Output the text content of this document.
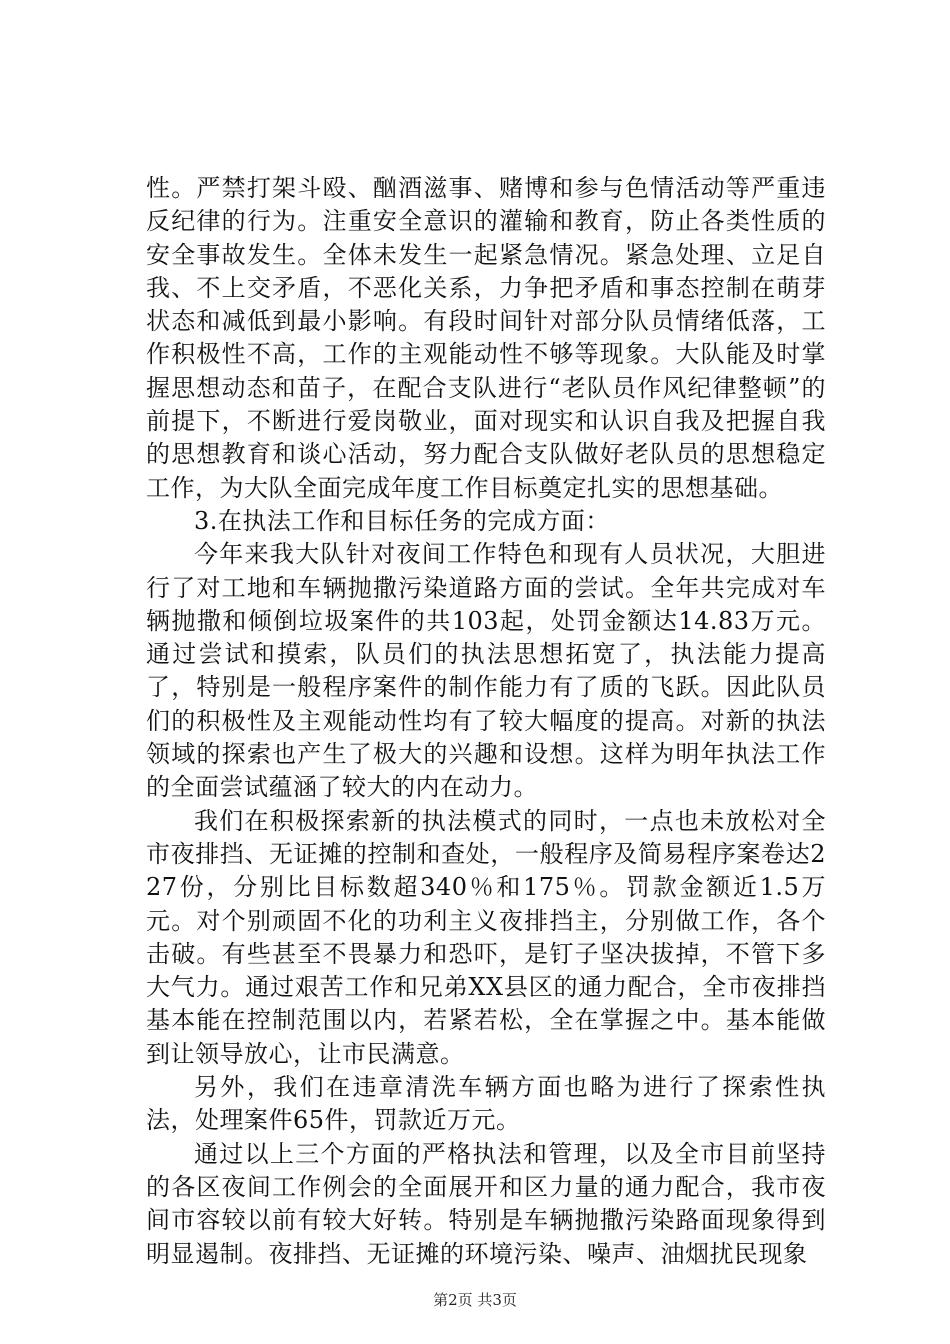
性。严禁打架斗殴、酗酒滋事、赌博和参与色情活动等严重违反纪律的行为。注重安全意识的灌输和教育，防止各类性质的安全事故发生。全体未发生一起紧急情况。紧急处理、立足自我、不上交矛盾，不恶化关系，力争把矛盾和事态控制在萌芽状态和减低到最小影响。有段时间针对部分队员情绪低落，工作积极性不高，工作的主观能动性不够等现象。大队能及时掌握思想动态和苗子，在配合支队进行“老队员作风纪律整顿”的前提下，不断进行爱岗敬业，面对现实和认识自我及把握自我的思想教育和谈心活动，努力配合支队做好老队员的思想稳定工作，为大队全面完成年度工作目标奠定扎实的思想基础。

3.在执法工作和目标任务的完成方面：

今年来我大队针对夜间工作特色和现有人员状况，大胆进行了对工地和车辆抛撒污染道路方面的尝试。全年共完成对车辆抛撒和倾倒垃圾案件的共103起，处罚金额达14.83万元。通过尝试和摸索，队员们的执法思想拓宽了，执法能力提高了，特别是一般程序案件的制作能力有了质的飞跃。因此队员们的积极性及主观能动性均有了较大幅度的提高。对新的执法领域的探索也产生了极大的兴趣和设想。这样为明年执法工作的全面尝试蕴涵了较大的内在动力。

我们在积极探索新的执法模式的同时，一点也未放松对全市夜排挡、无证摊的控制和查处，一般程序及简易程序案卷达227份，分别比目标数超340％和175％。罚款金额近1.5万元。对个别顽固不化的功利主义夜排挡主，分别做工作，各个击破。有些甚至不畏暴力和恐吓，是钉子坚决拔掉，不管下多大气力。通过艰苦工作和兄弟XX县区的通力配合，全市夜排挡基本能在控制范围以内，若紧若松，全在掌握之中。基本能做到让领导放心，让市民满意。

另外，我们在违章清洗车辆方面也略为进行了探索性执法，处理案件65件，罚款近万元。

通过以上三个方面的严格执法和管理，以及全市目前坚持的各区夜间工作例会的全面展开和区力量的通力配合，我市夜间市容较以前有较大好转。特别是车辆抛撒污染路面现象得到明显遏制。夜排挡、无证摊的环境污染、噪声、油烟扰民现象

第2页 共3页
